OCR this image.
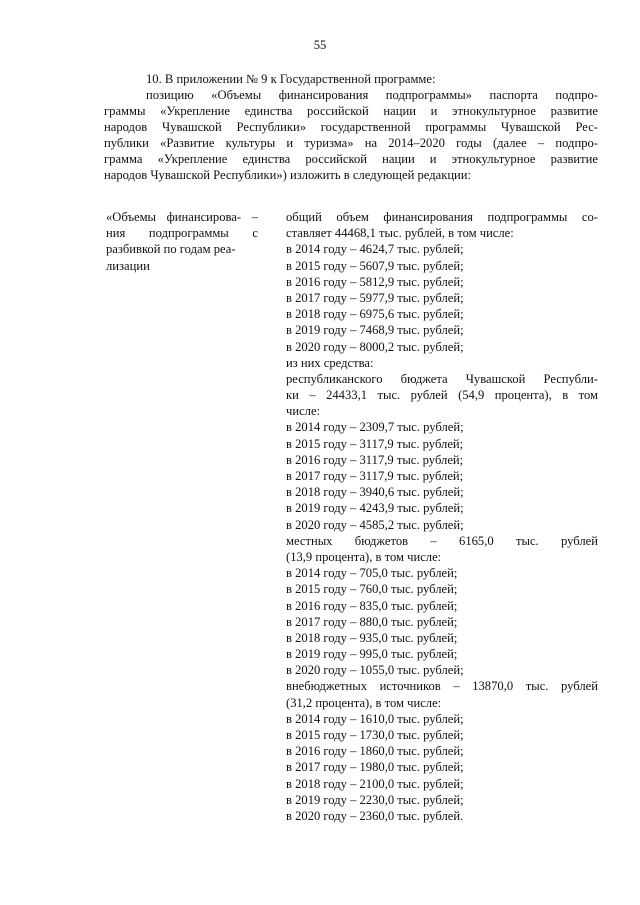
55
10. В приложении № 9 к Государственной программе:
позицию «Объемы финансирования подпрограммы» паспорта подпро-
граммы «Укрепление единства российской нации и этнокультурное развитие
народов Чувашской Республики» государственной программы Чувашской Рес-
публики «Развитие культуры и туризма» на 2014–2020 годы (далее – подпро-
грамма «Укрепление единства российской нации и этнокультурное развитие
народов Чувашской Республики») изложить в следующей редакции:
«Объемы финансирова- –
ния подпрограммы с
разбивкой по годам реа-
лизации
общий объем финансирования подпрограммы со-
ставляет 44468,1 тыс. рублей, в том числе:
в 2014 году – 4624,7 тыс. рублей;
в 2015 году – 5607,9 тыс. рублей;
в 2016 году – 5812,9 тыс. рублей;
в 2017 году – 5977,9 тыс. рублей;
в 2018 году – 6975,6 тыс. рублей;
в 2019 году – 7468,9 тыс. рублей;
в 2020 году – 8000,2 тыс. рублей;
из них средства:
республиканского бюджета Чувашской Республи-
ки – 24433,1 тыс. рублей (54,9 процента), в том
числе:
в 2014 году – 2309,7 тыс. рублей;
в 2015 году – 3117,9 тыс. рублей;
в 2016 году – 3117,9 тыс. рублей;
в 2017 году – 3117,9 тыс. рублей;
в 2018 году – 3940,6 тыс. рублей;
в 2019 году – 4243,9 тыс. рублей;
в 2020 году – 4585,2 тыс. рублей;
местных бюджетов – 6165,0 тыс. рублей
(13,9 процента), в том числе:
в 2014 году – 705,0 тыс. рублей;
в 2015 году – 760,0 тыс. рублей;
в 2016 году – 835,0 тыс. рублей;
в 2017 году – 880,0 тыс. рублей;
в 2018 году – 935,0 тыс. рублей;
в 2019 году – 995,0 тыс. рублей;
в 2020 году – 1055,0 тыс. рублей;
внебюджетных источников – 13870,0 тыс. рублей
(31,2 процента), в том числе:
в 2014 году – 1610,0 тыс. рублей;
в 2015 году – 1730,0 тыс. рублей;
в 2016 году – 1860,0 тыс. рублей;
в 2017 году – 1980,0 тыс. рублей;
в 2018 году – 2100,0 тыс. рублей;
в 2019 году – 2230,0 тыс. рублей;
в 2020 году – 2360,0 тыс. рублей.
